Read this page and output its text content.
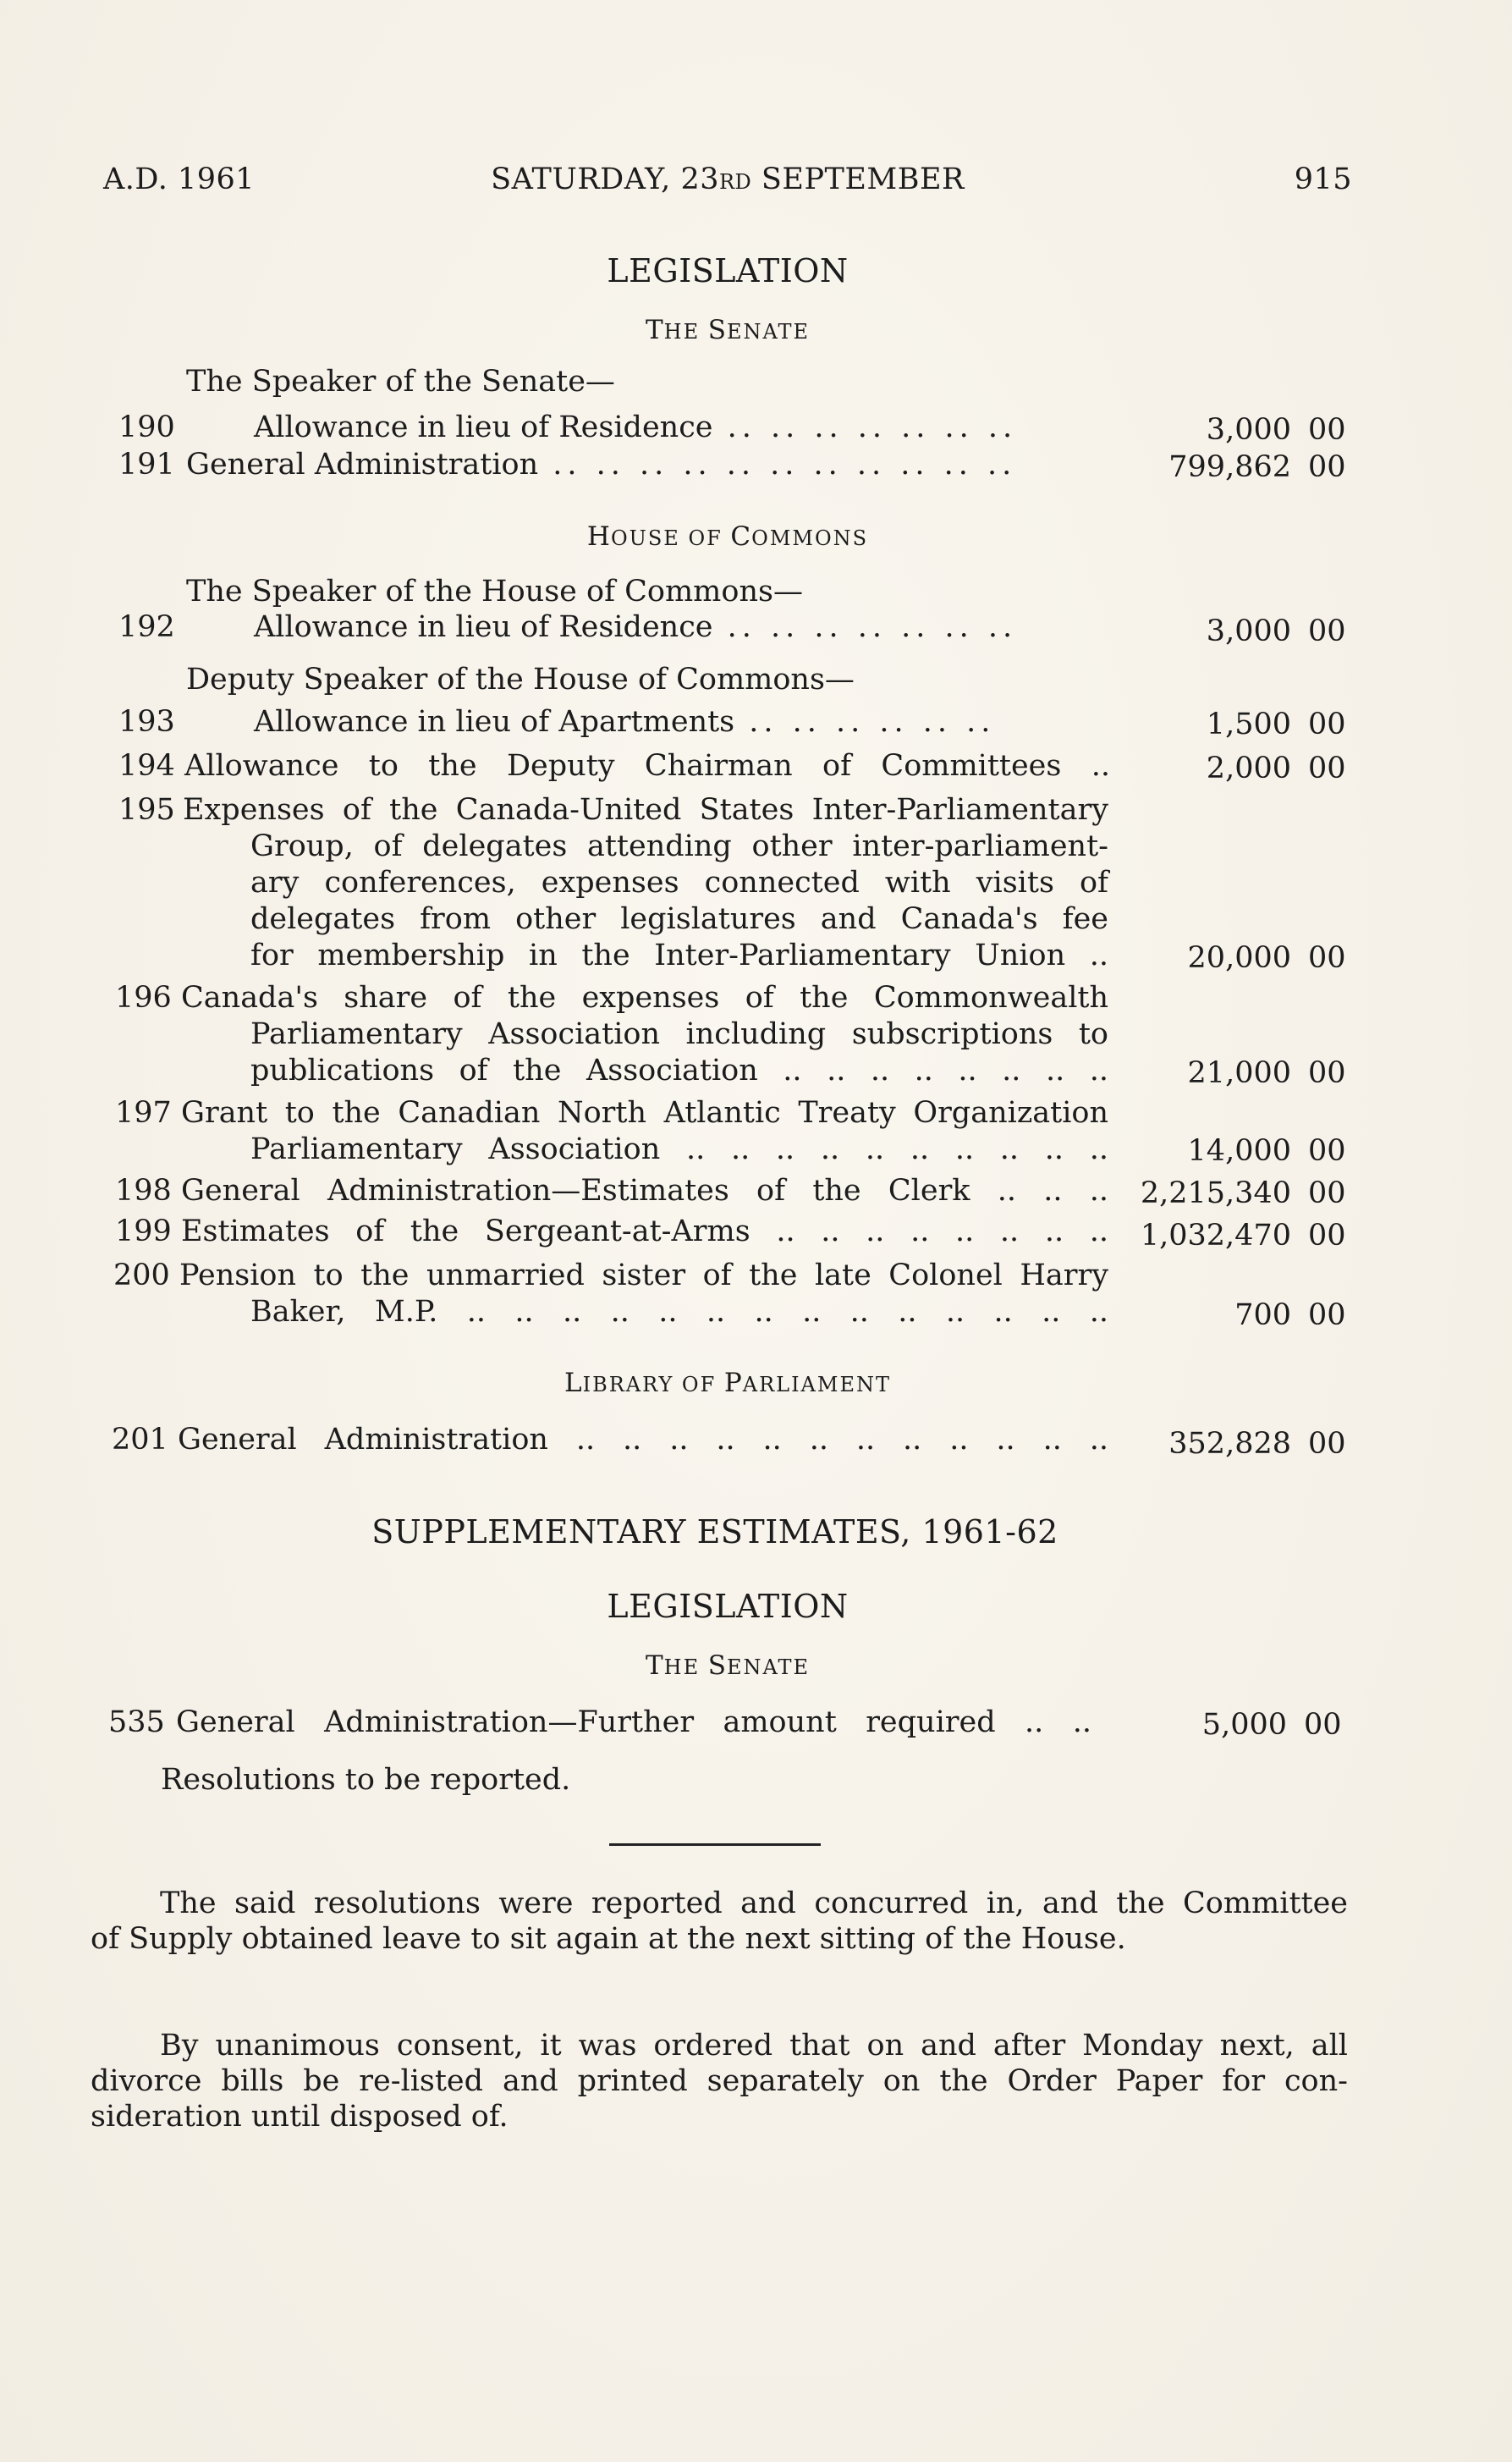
A.D. 1961	SATURDAY, 23RD SEPTEMBER	915
LEGISLATION
THE SENATE
The Speaker of the Senate—
190	Allowance in lieu of Residence .. .. .. .. .. .. ..	3,000 00
191 General Administration .. .. .. .. .. .. .. .. .. .. ..	799,862 00
HOUSE OF COMMONS
The Speaker of the House of Commons—
192	Allowance in lieu of Residence .. .. .. .. .. .. ..	3,000 00
Deputy Speaker of the House of Commons—
193	Allowance in lieu of Apartments .. .. .. .. .. ..	1,500 00
194 Allowance to the Deputy Chairman of Committees ..	2,000 00
195 Expenses of the Canada-United States Inter-Parliamentary
Group, of delegates attending other inter-parliament-
ary conferences, expenses connected with visits of
delegates from other legislatures and Canada's fee
for membership in the Inter-Parliamentary Union ..	20,000 00
196 Canada's share of the expenses of the Commonwealth
Parliamentary Association including subscriptions to
publications of the Association .. .. .. .. .. .. .. ..	21,000 00
197 Grant to the Canadian North Atlantic Treaty Organization
Parliamentary Association .. .. .. .. .. .. .. .. .. ..	14,000 00
198 General Administration—Estimates of the Clerk .. .. .. 2,215,340 00
199 Estimates of the Sergeant-at-Arms .. .. .. .. .. .. .. .. 1,032,470 00
200 Pension to the unmarried sister of the late Colonel Harry
Baker, M.P. .. .. .. .. .. .. .. .. .. .. .. .. .. ..	700 00
LIBRARY OF PARLIAMENT
201 General Administration .. .. .. .. .. .. .. .. .. .. .. .. 352,828 00
SUPPLEMENTARY ESTIMATES, 1961-62
LEGISLATION
THE SENATE
535 General Administration—Further amount required .. ..	5,000 00
Resolutions to be reported.
The said resolutions were reported and concurred in, and the Committee
of Supply obtained leave to sit again at the next sitting of the House.
By unanimous consent, it was ordered that on and after Monday next, all
divorce bills be re-listed and printed separately on the Order Paper for con-
sideration until disposed of.
